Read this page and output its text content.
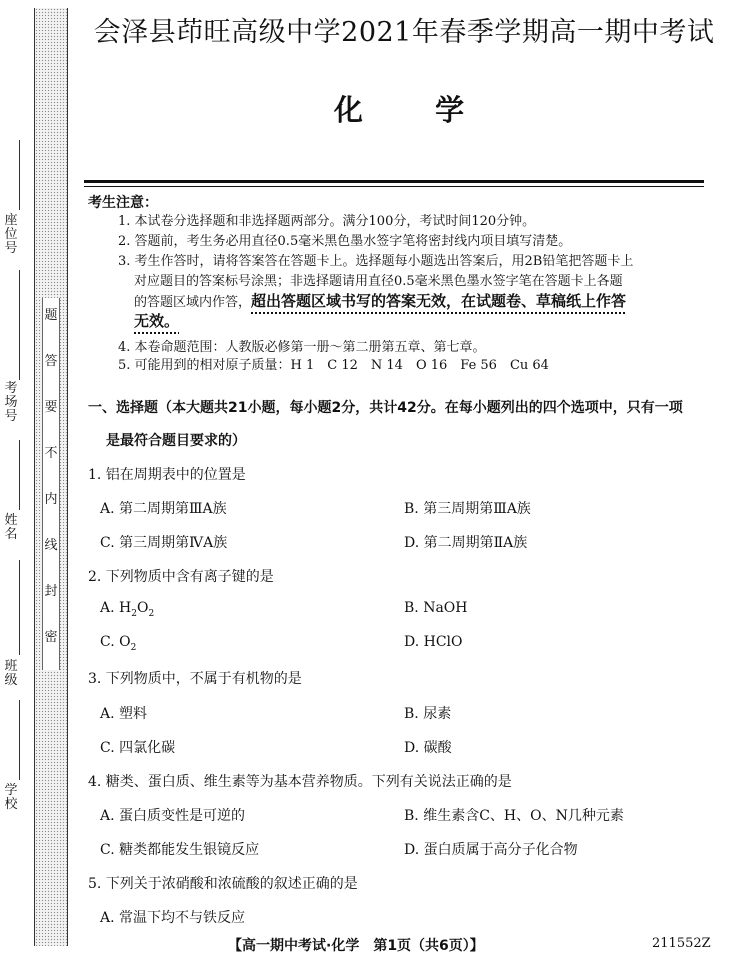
题
答
要
不
内
线
封
密
座位号
考场号
姓名
班级
学校
会泽县茚旺高级中学2021年春季学期高一期中考试
化 学
考生注意：
1. 本试卷分选择题和非选择题两部分。满分100分，考试时间120分钟。
2. 答题前，考生务必用直径0.5毫米黑色墨水签字笔将密封线内项目填写清楚。
3. 考生作答时，请将答案答在答题卡上。选择题每小题选出答案后，用2B铅笔把答题卡上
对应题目的答案标号涂黑；非选择题请用直径0.5毫米黑色墨水签字笔在答题卡上各题
的答题区域内作答，超出答题区域书写的答案无效，在试题卷、草稿纸上作答
无效。
4. 本卷命题范围：人教版必修第一册～第二册第五章、第七章。
5. 可能用到的相对原子质量：H 1　C 12　N 14　O 16　Fe 56　Cu 64
一、选择题（本大题共21小题，每小题2分，共计42分。在每小题列出的四个选项中，只有一项
是最符合题目要求的）
1. 铝在周期表中的位置是
A. 第二周期第ⅢA族	B. 第三周期第ⅢA族
C. 第三周期第ⅣA族	D. 第二周期第ⅡA族
2. 下列物质中含有离子键的是
A. $H_2O_2$	B. NaOH
C. $O_2$	D. HClO
3. 下列物质中，不属于有机物的是
A. 塑料	B. 尿素
C. 四氯化碳	D. 碳酸
4. 糖类、蛋白质、维生素等为基本营养物质。下列有关说法正确的是
A. 蛋白质变性是可逆的	B. 维生素含C、H、O、N几种元素
C. 糖类都能发生银镜反应	D. 蛋白质属于高分子化合物
5. 下列关于浓硝酸和浓硫酸的叙述正确的是
A. 常温下均不与铁反应
【高一期中考试·化学　第1页（共6页）】	211552Z
